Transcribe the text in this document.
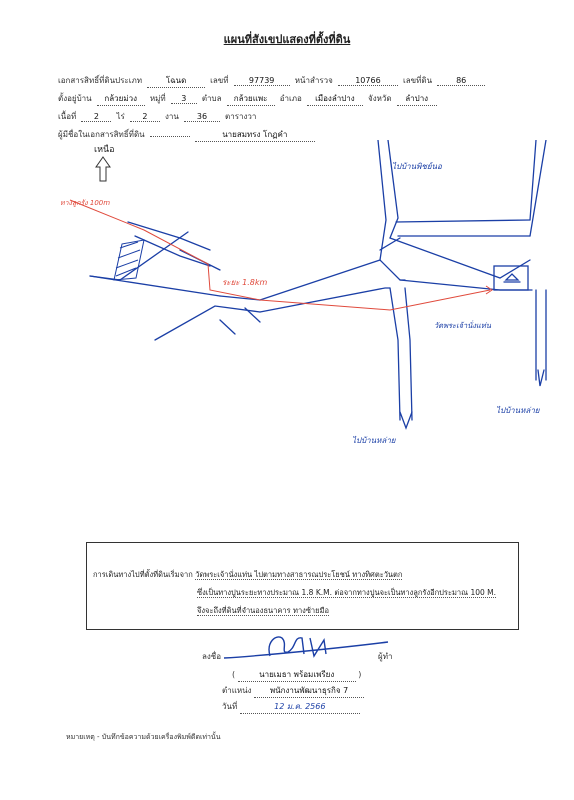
แผนที่สังเขปแสดงที่ตั้งที่ดิน
เอกสารสิทธิ์ที่ดินประเภท	โฉนด	เลขที่	97739	หน้าสำรวจ	10766	เลขที่ดิน	86
ตั้งอยู่บ้าน กล้วยม่วง หมู่ที่ 3 ตำบล กล้วยแพะ อำเภอ เมืองลำปาง จังหวัด ลำปาง
เนื้อที่ 2 ไร่ 2 งาน 36 ตารางวา
ผู้มีชื่อในเอกสารสิทธิ์ที่ดิน	นายสมทรง โกฏคำ
เหนือ
ไปบ้านพิชย์นอ
ทางลูกรัง 100m
ระยะ 1.8km
วัดพระเจ้านั่งแท่น
ไปบ้านหล่าย
ไปบ้านหล่าย
การเดินทางไปที่ตั้งที่ดินเริ่มจาก วัดพระเจ้านั่งแท่น ไปตามทางสาธารณประโยชน์ ทางทิศตะวันตก
ซึ่งเป็นทางปูนระยะทางประมาณ 1.8 K.M. ต่อจากทางปูนจะเป็นทางลูกรังอีกประมาณ 100 M.
จึงจะถึงที่ดินที่จำนองธนาคาร ทางซ้ายมือ
ลงชื่อ	ผู้ทำ
(	นายเมธา พร้อมเพรียง	)
ตำแหน่ง พนักงานพัฒนาธุรกิจ 7
วันที่	12 ม.ค. 2566
หมายเหตุ - บันทึกข้อความด้วยเครื่องพิมพ์ดีดเท่านั้น
